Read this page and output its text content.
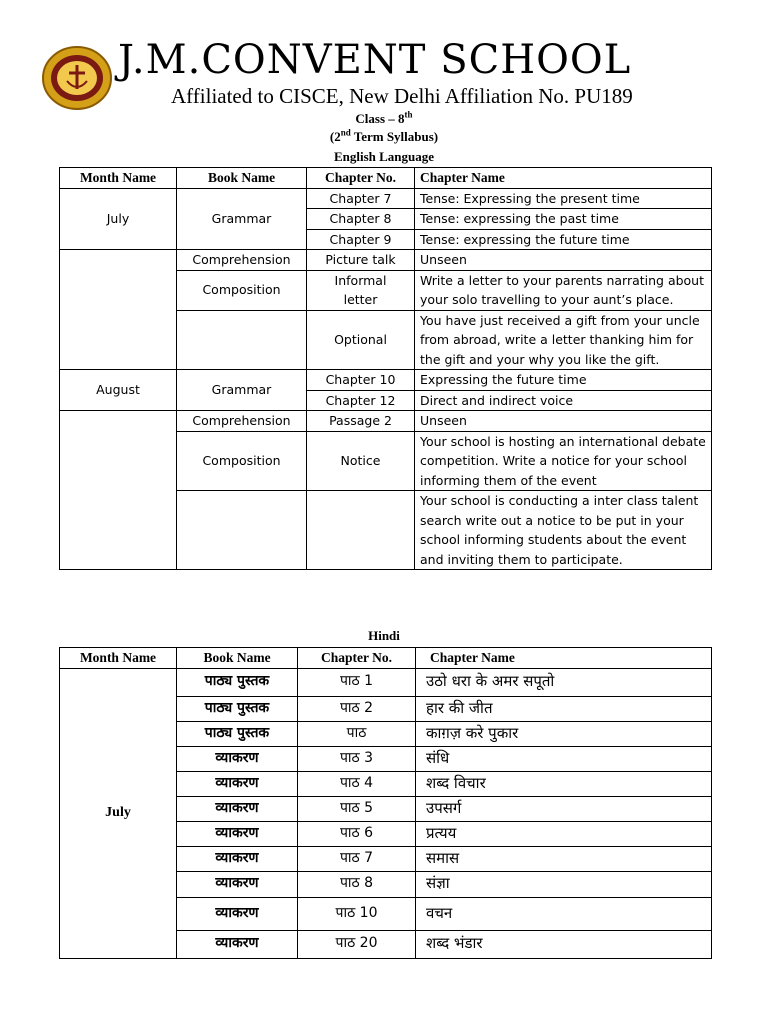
J.M.CONVENT SCHOOL
Affiliated to CISCE, New Delhi Affiliation No. PU189
Class – 8th
(2nd Term Syllabus)
English Language
Month Name	Book Name	Chapter No.	Chapter Name
July	Grammar	Chapter 7	Tense: Expressing the present time
		Chapter 8	Tense: expressing the past time
		Chapter 9	Tense: expressing the future time
	Comprehension	Picture talk	Unseen
	Composition	Informal letter	Write a letter to your parents narrating about your solo travelling to your aunt’s place.
		Optional	You have just received a gift from your uncle from abroad, write a letter thanking him for the gift and your why you like the gift.
August	Grammar	Chapter 10	Expressing the future time
		Chapter 12	Direct and indirect voice
	Comprehension	Passage 2	Unseen
	Composition	Notice	Your school is hosting an international debate competition. Write a notice for your school informing them of the event
			Your school is conducting a inter class talent search write out a notice to be put in your school informing students about the event and inviting them to participate.
Hindi
Month Name	Book Name	Chapter No.	Chapter Name
July	पाठ्य पुस्तक	पाठ 1	उठो धरा के अमर सपूतो
	पाठ्य पुस्तक	पाठ 2	हार की जीत
	पाठ्य पुस्तक	पाठ	काग़ज़ करे पुकार
	व्याकरण	पाठ 3	संधि
	व्याकरण	पाठ 4	शब्द विचार
	व्याकरण	पाठ 5	उपसर्ग
	व्याकरण	पाठ 6	प्रत्यय
	व्याकरण	पाठ 7	समास
	व्याकरण	पाठ 8	संज्ञा
	व्याकरण	पाठ 10	वचन
	व्याकरण	पाठ 20	शब्द भंडार
